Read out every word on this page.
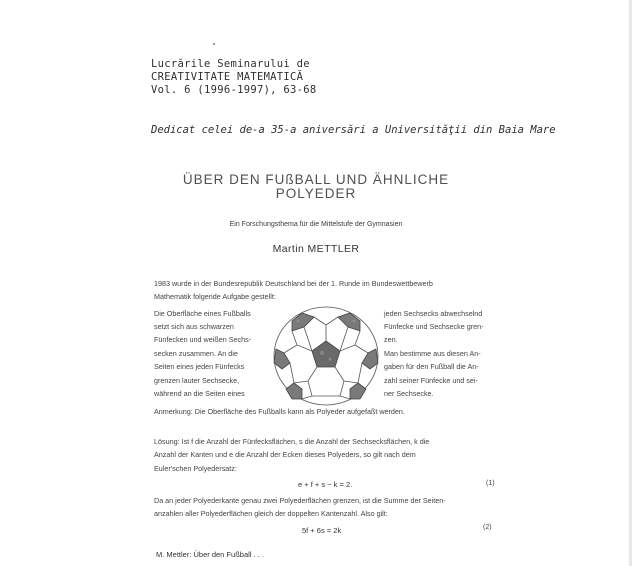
Lucrările Seminarului de
CREATIVITATE MATEMATICĂ
Vol. 6 (1996-1997), 63-68
Dedicat celei de-a 35-a aniversări a Universităţii din Baia Mare
ÜBER DEN FUßBALL UND ÄHNLICHE
POLYEDER
Ein Forschungsthema für die Mittelstufe der Gymnasien
Martin METTLER
1983 wurde in der Bundesrepublik Deutschland bei der 1. Runde im Bundeswettbewerb
Mathematik folgende Aufgabe gestellt:
Die Oberfläche eines Fußballs
setzt sich aus schwarzen
Fünfecken und weißen Sechs-
secken zusammen. An die
Seiten eines jeden Fünfecks
grenzen lauter Sechsecke,
während an die Seiten eines
jeden Sechsecks abwechselnd
Fünfecke und Sechsecke gren-
zen.
Man bestimme aus diesen An-
gaben für den Fußball die An-
zahl seiner Fünfecke und sei-
ner Sechsecke.
Anmerkung: Die Oberfläche des Fußballs kann als Polyeder aufgefaßt werden.
Lösung: Ist f die Anzahl der Fünfecksflächen, s die Anzahl der Sechsecksflächen, k die
Anzahl der Kanten und e die Anzahl der Ecken dieses Polyeders, so gilt nach dem
Euler'schen Polyedersatz:
e + f + s − k = 2.	(1)
Da an jeder Polyederkante genau zwei Polyederflächen grenzen, ist die Summe der Seiten-
anzahlen aller Polyederflächen gleich der doppelten Kantenzahl. Also gilt:
5f + 6s = 2k	(2)
M. Mettler: Über den Fußball . . .
